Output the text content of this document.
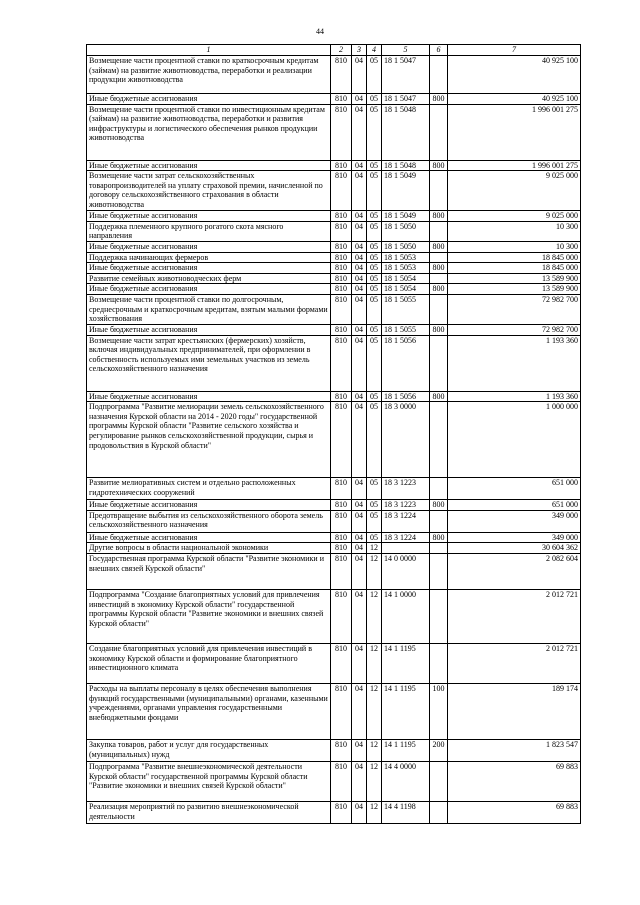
44
1	2	3	4	5	6	7
Возмещение части процентной ставки по краткосрочным кредитам (займам) на развитие животноводства, переработки и реализации продукции животноводства	810	04	05	18 1 5047		40 925 100
Иные бюджетные ассигнования	810	04	05	18 1 5047	800	40 925 100
Возмещение части процентной ставки по инвестиционным кредитам (займам) на развитие животноводства, переработки и развития инфраструктуры и логистического обеспечения рынков продукции животноводства	810	04	05	18 1 5048		1 996 001 275
Иные бюджетные ассигнования	810	04	05	18 1 5048	800	1 996 001 275
Возмещение части затрат сельскохозяйственных товаропроизводителей на уплату страховой премии, начисленной по договору сельскохозяйственного страхования в области животноводства	810	04	05	18 1 5049		9 025 000
Иные бюджетные ассигнования	810	04	05	18 1 5049	800	9 025 000
Поддержка племенного крупного рогатого скота мясного направления	810	04	05	18 1 5050		10 300
Иные бюджетные ассигнования	810	04	05	18 1 5050	800	10 300
Поддержка начинающих фермеров	810	04	05	18 1 5053		18 845 000
Иные бюджетные ассигнования	810	04	05	18 1 5053	800	18 845 000
Развитие семейных животноводческих ферм	810	04	05	18 1 5054		13 589 900
Иные бюджетные ассигнования	810	04	05	18 1 5054	800	13 589 900
Возмещение части процентной ставки по долгосрочным, среднесрочным и краткосрочным кредитам, взятым малыми формами хозяйствования	810	04	05	18 1 5055		72 982 700
Иные бюджетные ассигнования	810	04	05	18 1 5055	800	72 982 700
Возмещение части затрат крестьянских (фермерских) хозяйств, включая индивидуальных предпринимателей, при оформлении в собственность используемых ими земельных участков из земель сельскохозяйственного назначения	810	04	05	18 1 5056		1 193 360
Иные бюджетные ассигнования	810	04	05	18 1 5056	800	1 193 360
Подпрограмма "Развитие мелиорации земель сельскохозяйственного назначения Курской области на 2014 - 2020 годы" государственной программы Курской области "Развитие сельского хозяйства и регулирование рынков сельскохозяйственной продукции, сырья и продовольствия в Курской области"	810	04	05	18 3 0000		1 000 000
Развитие мелиоративных систем и отдельно расположенных гидротехнических сооружений	810	04	05	18 3 1223		651 000
Иные бюджетные ассигнования	810	04	05	18 3 1223	800	651 000
Предотвращение выбытия из сельскохозяйственного оборота земель сельскохозяйственного назначения	810	04	05	18 3 1224		349 000
Иные бюджетные ассигнования	810	04	05	18 3 1224	800	349 000
Другие вопросы в области национальной экономики	810	04	12			30 604 362
Государственная программа Курской области "Развитие экономики и внешних связей Курской области"	810	04	12	14 0 0000		2 082 604
Подпрограмма "Создание благоприятных условий для привлечения инвестиций в экономику Курской области" государственной программы Курской области "Развитие экономики и внешних связей Курской области"	810	04	12	14 1 0000		2 012 721
Создание благоприятных условий для привлечения инвестиций в экономику Курской области и формирование благоприятного инвестиционного климата	810	04	12	14 1 1195		2 012 721
Расходы на выплаты персоналу в целях обеспечения выполнения функций государственными (муниципальными) органами, казенными учреждениями, органами управления государственными внебюджетными фондами	810	04	12	14 1 1195	100	189 174
Закупка товаров, работ и услуг для государственных (муниципальных) нужд	810	04	12	14 1 1195	200	1 823 547
Подпрограмма "Развитие внешнеэкономической деятельности Курской области" государственной программы Курской области "Развитие экономики и внешних связей Курской области"	810	04	12	14 4 0000		69 883
Реализация мероприятий по развитию внешнеэкономической деятельности	810	04	12	14 4 1198		69 883
